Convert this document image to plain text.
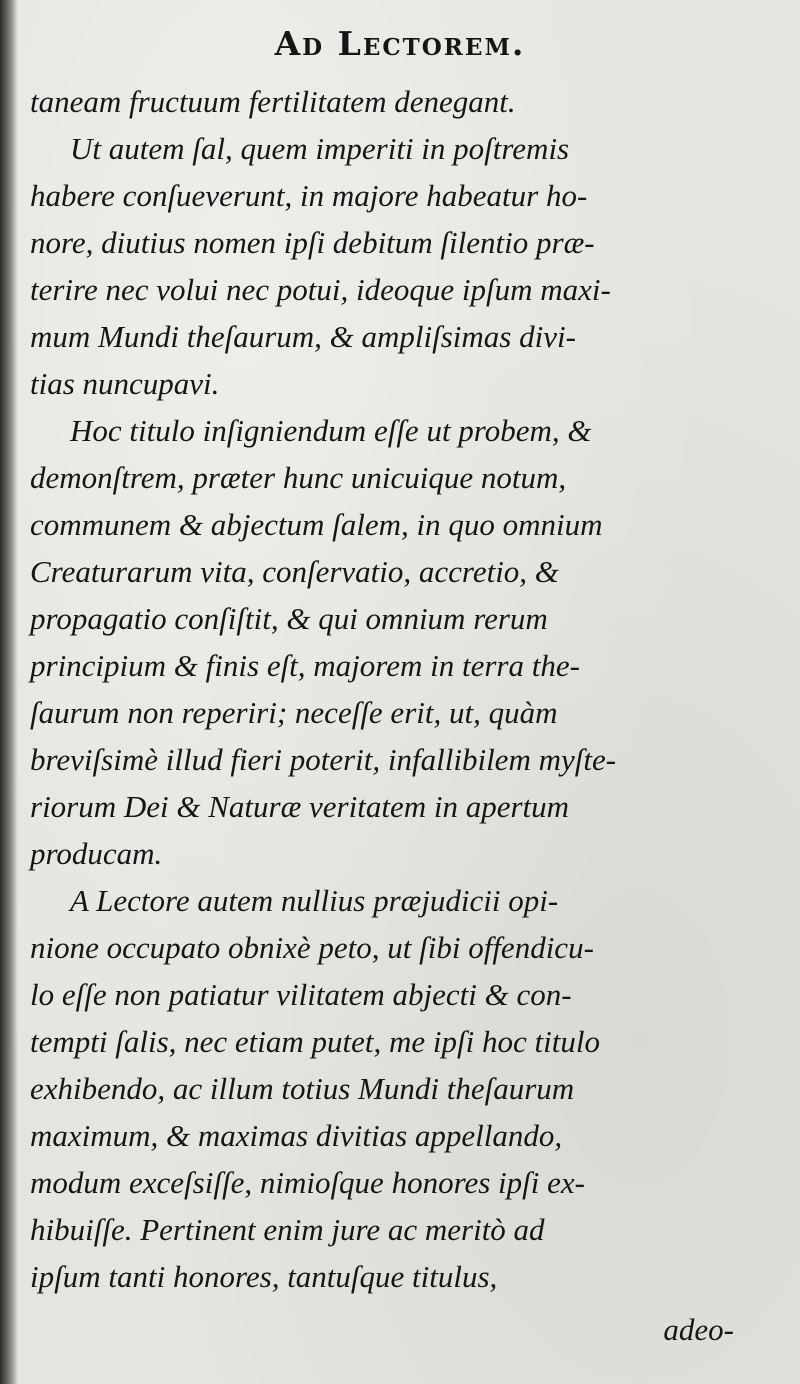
Ad Lectorem.
taneam fructuum fertilitatem denegant.
Ut autem ſal, quem imperiti in poſtremis
habere conſueverunt, in majore habeatur ho-
nore, diutius nomen ipſi debitum ſilentio præ-
terire nec volui nec potui, ideoque ipſum maxi-
mum Mundi theſaurum, & ampliſsimas divi-
tias nuncupavi.
Hoc titulo inſigniendum eſſe ut probem, &
demonſtrem, præter hunc unicuique notum,
communem & abjectum ſalem, in quo omnium
Creaturarum vita, conſervatio, accretio, &
propagatio conſiſtit, & qui omnium rerum
principium & finis eſt, majorem in terra the-
ſaurum non reperiri; neceſſe erit, ut, quàm
breviſsimè illud fieri poterit, infallibilem myſte-
riorum Dei & Naturæ veritatem in apertum
producam.
A Lectore autem nullius præjudicii opi-
nione occupato obnixè peto, ut ſibi offendicu-
lo eſſe non patiatur vilitatem abjecti & con-
tempti ſalis, nec etiam putet, me ipſi hoc titulo
exhibendo, ac illum totius Mundi theſaurum
maximum, & maximas divitias appellando,
modum exceſsiſſe, nimioſque honores ipſi ex-
hibuiſſe. Pertinent enim jure ac meritò ad
ipſum tanti honores, tantuſque titulus,
adeo-
